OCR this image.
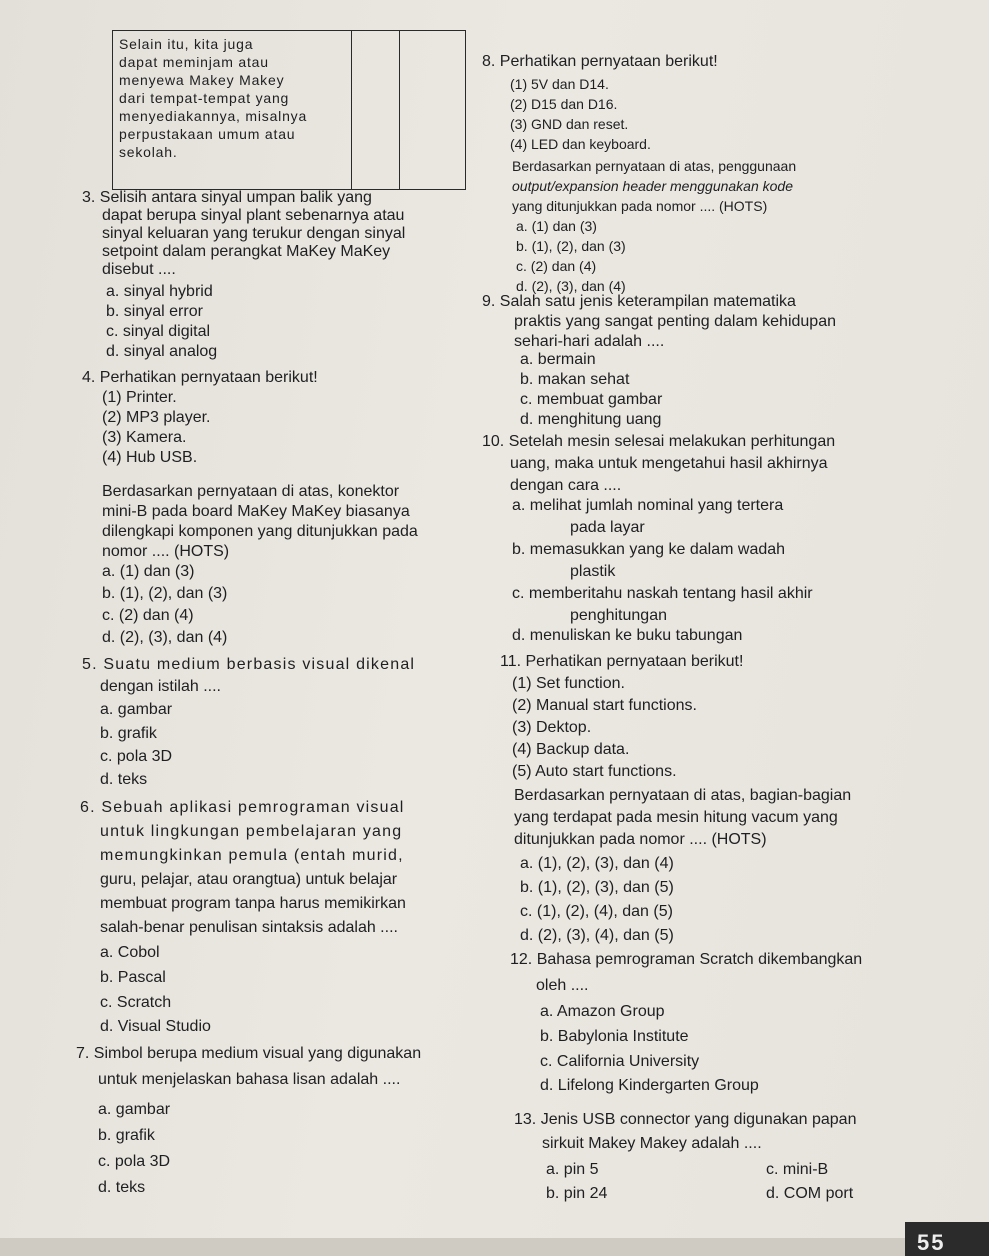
Selain itu, kita juga
dapat meminjam atau
menyewa Makey Makey
dari tempat-tempat yang
menyediakannya, misalnya
perpustakaan umum atau
sekolah.
3. Selisih antara sinyal umpan balik yang
dapat berupa sinyal plant sebenarnya atau
sinyal keluaran yang terukur dengan sinyal
setpoint dalam perangkat MaKey MaKey
disebut ....
a. sinyal hybrid
b. sinyal error
c. sinyal digital
d. sinyal analog
4. Perhatikan pernyataan berikut!
(1) Printer.
(2) MP3 player.
(3) Kamera.
(4) Hub USB.
Berdasarkan pernyataan di atas, konektor
mini-B pada board MaKey MaKey biasanya
dilengkapi komponen yang ditunjukkan pada
nomor .... (HOTS)
a. (1) dan (3)
b. (1), (2), dan (3)
c. (2) dan (4)
d. (2), (3), dan (4)
5. Suatu medium berbasis visual dikenal
dengan istilah ....
a. gambar
b. grafik
c. pola 3D
d. teks
6. Sebuah aplikasi pemrograman visual
untuk lingkungan pembelajaran yang
memungkinkan pemula (entah murid,
guru, pelajar, atau orangtua) untuk belajar
membuat program tanpa harus memikirkan
salah-benar penulisan sintaksis adalah ....
a. Cobol
b. Pascal
c. Scratch
d. Visual Studio
7. Simbol berupa medium visual yang digunakan
untuk menjelaskan bahasa lisan adalah ....
a. gambar
b. grafik
c. pola 3D
d. teks
8. Perhatikan pernyataan berikut!
(1) 5V dan D14.
(2) D15 dan D16.
(3) GND dan reset.
(4) LED dan keyboard.
Berdasarkan pernyataan di atas, penggunaan
output/expansion header menggunakan kode
yang ditunjukkan pada nomor .... (HOTS)
a. (1) dan (3)
b. (1), (2), dan (3)
c. (2) dan (4)
d. (2), (3), dan (4)
9. Salah satu jenis keterampilan matematika
praktis yang sangat penting dalam kehidupan
sehari-hari adalah ....
a. bermain
b. makan sehat
c. membuat gambar
d. menghitung uang
10. Setelah mesin selesai melakukan perhitungan
uang, maka untuk mengetahui hasil akhirnya
dengan cara ....
a. melihat jumlah nominal yang tertera
pada layar
b. memasukkan yang ke dalam wadah
plastik
c. memberitahu naskah tentang hasil akhir
penghitungan
d. menuliskan ke buku tabungan
11. Perhatikan pernyataan berikut!
(1) Set function.
(2) Manual start functions.
(3) Dektop.
(4) Backup data.
(5) Auto start functions.
Berdasarkan pernyataan di atas, bagian-bagian
yang terdapat pada mesin hitung vacum yang
ditunjukkan pada nomor .... (HOTS)
a. (1), (2), (3), dan (4)
b. (1), (2), (3), dan (5)
c. (1), (2), (4), dan (5)
d. (2), (3), (4), dan (5)
12. Bahasa pemrograman Scratch dikembangkan
oleh ....
a. Amazon Group
b. Babylonia Institute
c. California University
d. Lifelong Kindergarten Group
13. Jenis USB connector yang digunakan papan
sirkuit Makey Makey adalah ....
a. pin 5
b. pin 24
c. mini-B
d. COM port
55
